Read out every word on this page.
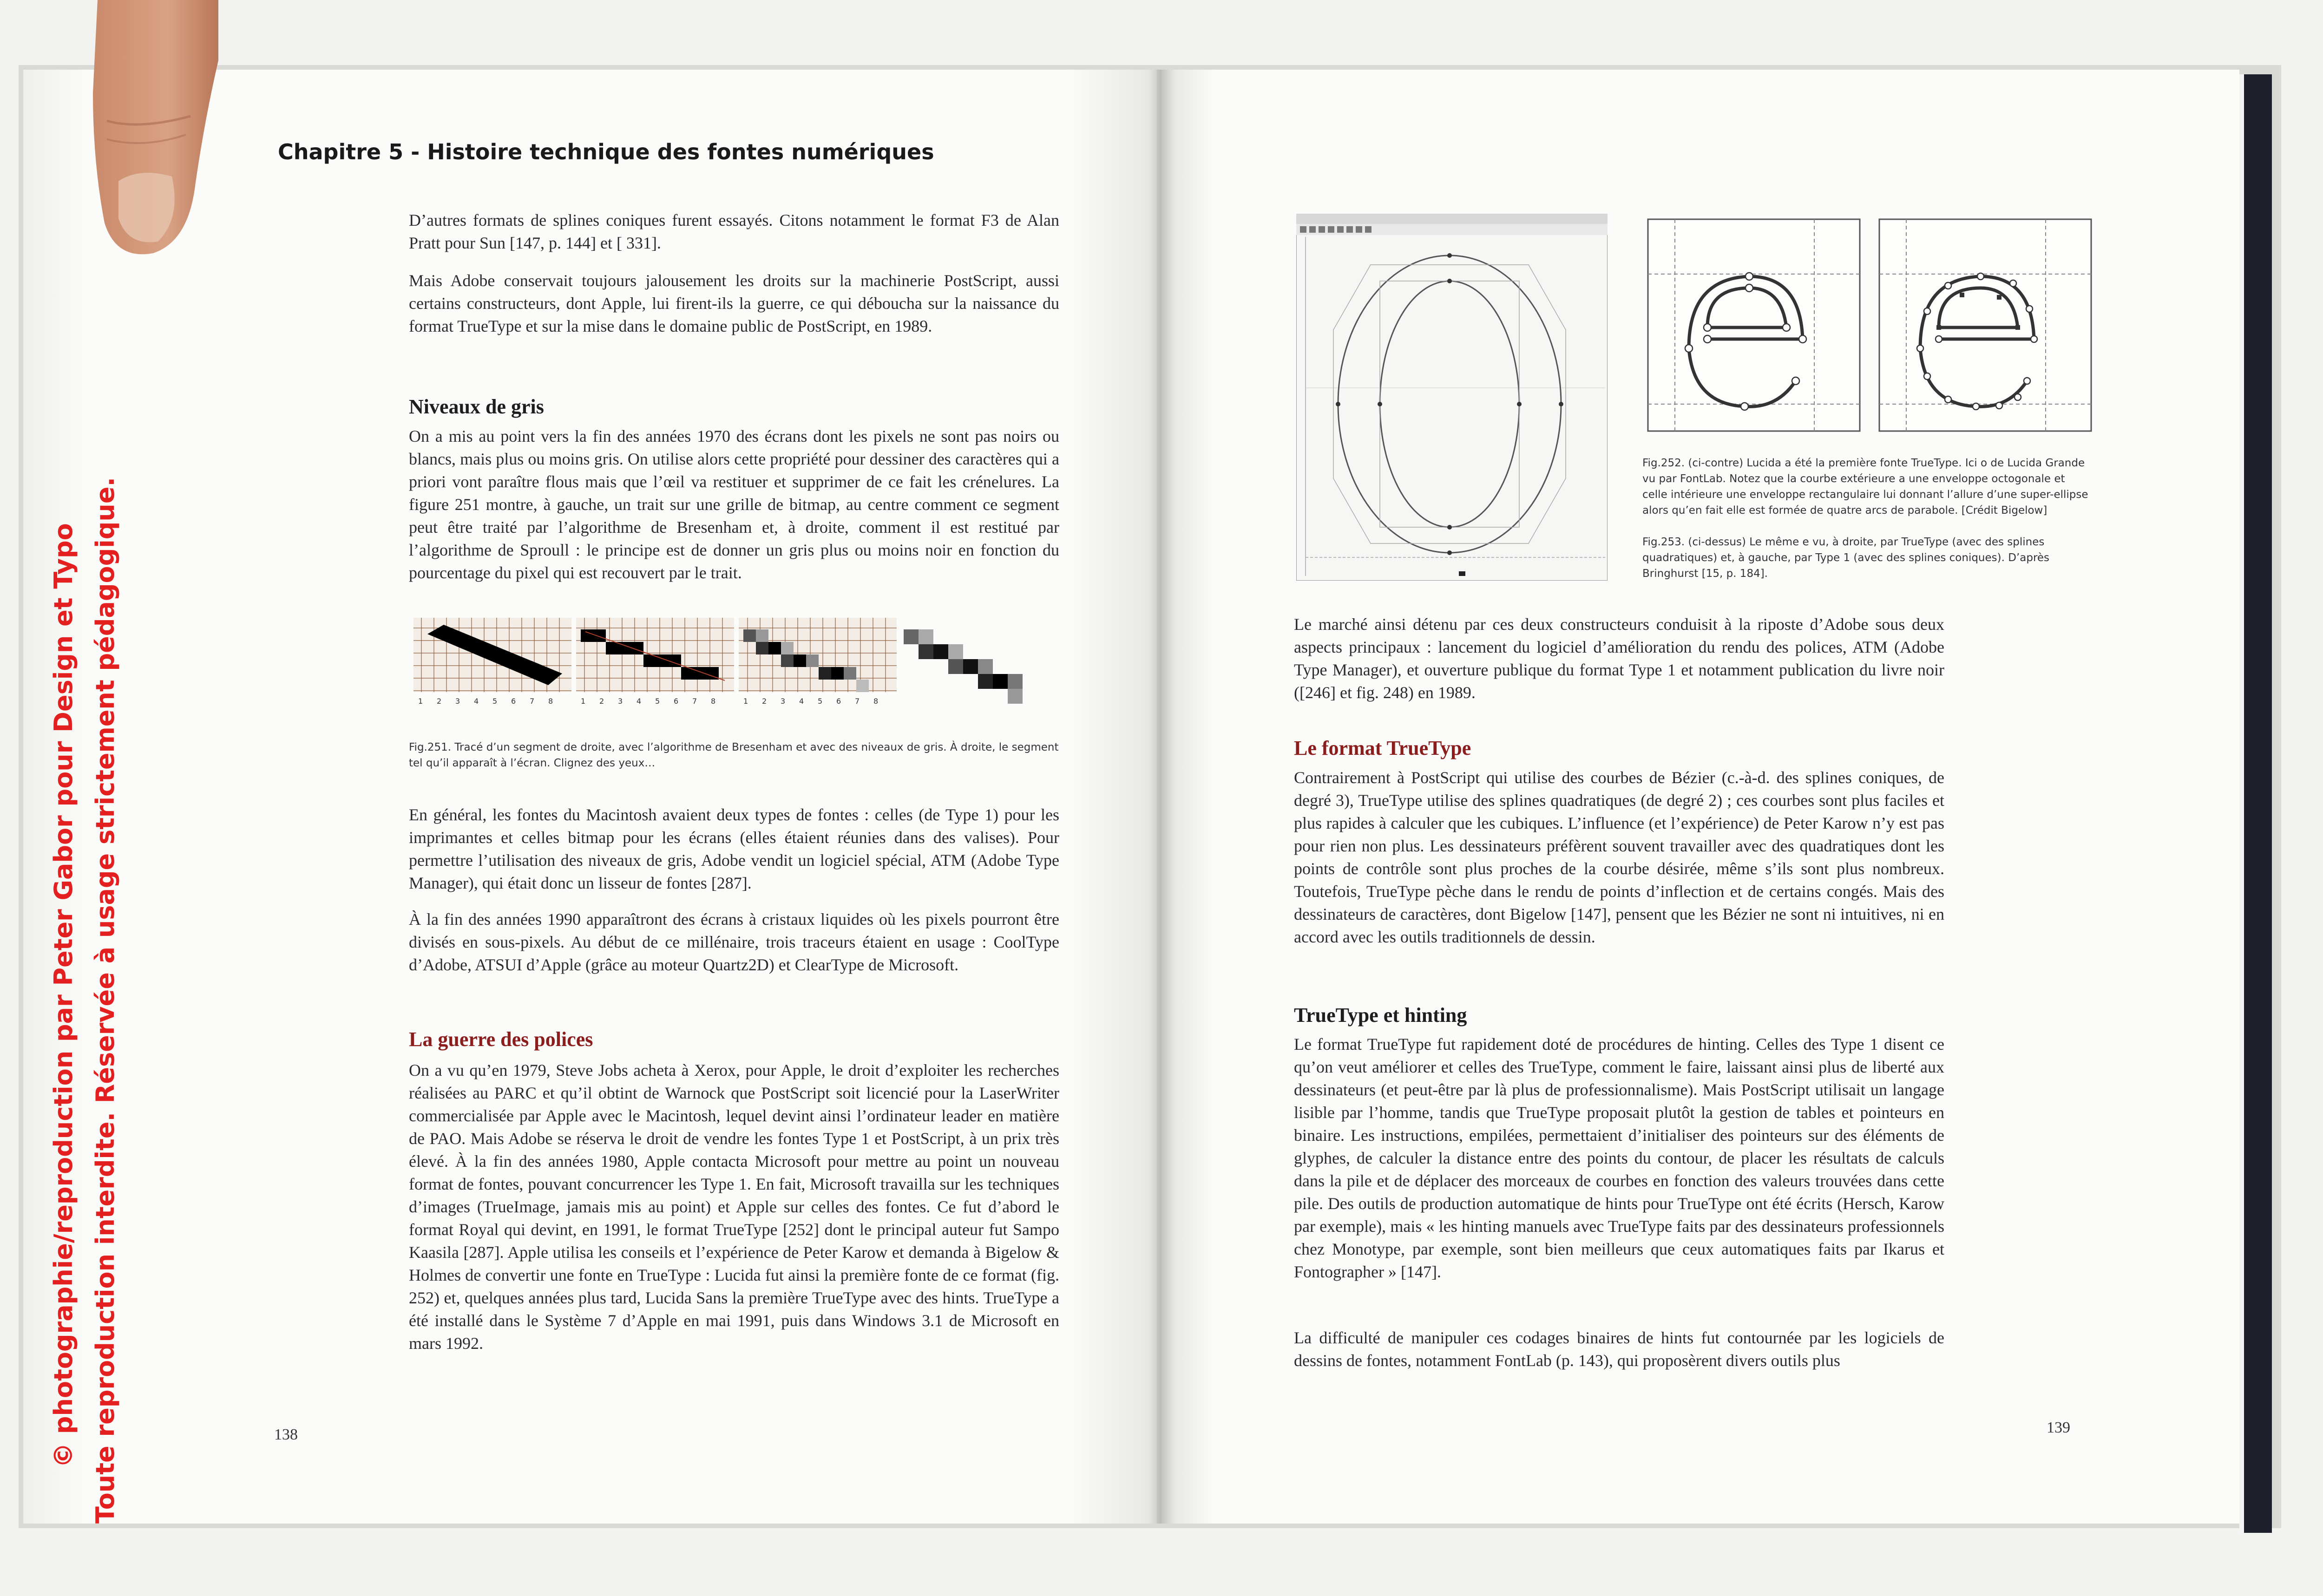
© photographie/reproduction par Peter Gabor pour Design et Typo Toute reproduction interdite. Réservée à usage strictement pédagogique.
Chapitre 5 - Histoire technique des fontes numériques
D’autres formats de splines coniques furent essayés. Citons notamment le format F3 de Alan Pratt pour Sun [147, p. 144] et [ 331].
Mais Adobe conservait toujours jalousement les droits sur la machinerie PostScript, aussi certains constructeurs, dont Apple, lui firent-ils la guerre, ce qui déboucha sur la naissance du format TrueType et sur la mise dans le domaine public de PostScript, en 1989.
Niveaux de gris
On a mis au point vers la fin des années 1970 des écrans dont les pixels ne sont pas noirs ou blancs, mais plus ou moins gris. On utilise alors cette propriété pour dessiner des caractères qui a priori vont paraître flous mais que l’œil va restituer et supprimer de ce fait les crénelures. La figure 251 montre, à gauche, un trait sur une grille de bitmap, au centre comment ce segment peut être traité par l’algorithme de Bresenham et, à droite, comment il est restitué par l’algorithme de Sproull : le principe est de donner un gris plus ou moins noir en fonction du pourcentage du pixel qui est recouvert par le trait.
1 2 3 4 5 6 7 8	1 2 3 4 5 6 7 8	1 2 3 4 5 6 7 8
Fig.251. Tracé d’un segment de droite, avec l’algorithme de Bresenham et avec des niveaux de gris. À droite, le segment tel qu’il apparaît à l’écran. Clignez des yeux…
En général, les fontes du Macintosh avaient deux types de fontes : celles (de Type 1) pour les imprimantes et celles bitmap pour les écrans (elles étaient réunies dans des valises). Pour permettre l’utilisation des niveaux de gris, Adobe vendit un logiciel spécial, ATM (Adobe Type Manager), qui était donc un lisseur de fontes [287].
À la fin des années 1990 apparaîtront des écrans à cristaux liquides où les pixels pourront être divisés en sous-pixels. Au début de ce millénaire, trois traceurs étaient en usage : CoolType d’Adobe, ATSUI d’Apple (grâce au moteur Quartz2D) et ClearType de Microsoft.
La guerre des polices
On a vu qu’en 1979, Steve Jobs acheta à Xerox, pour Apple, le droit d’exploiter les recherches réalisées au PARC et qu’il obtint de Warnock que PostScript soit licencié pour la LaserWriter commercialisée par Apple avec le Macintosh, lequel devint ainsi l’ordinateur leader en matière de PAO. Mais Adobe se réserva le droit de vendre les fontes Type 1 et PostScript, à un prix très élevé. À la fin des années 1980, Apple contacta Microsoft pour mettre au point un nouveau format de fontes, pouvant concurrencer les Type 1. En fait, Microsoft travailla sur les techniques d’images (TrueImage, jamais mis au point) et Apple sur celles des fontes. Ce fut d’abord le format Royal qui devint, en 1991, le format TrueType [252] dont le principal auteur fut Sampo Kaasila [287]. Apple utilisa les conseils et l’expérience de Peter Karow et demanda à Bigelow & Holmes de convertir une fonte en TrueType : Lucida fut ainsi la première fonte de ce format (fig. 252) et, quelques années plus tard, Lucida Sans la première TrueType avec des hints. TrueType a été installé dans le Système 7 d’Apple en mai 1991, puis dans Windows 3.1 de Microsoft en mars 1992.
138
Fig.252. (ci-contre) Lucida a été la première fonte TrueType. Ici o de Lucida Grande vu par FontLab. Notez que la courbe extérieure a une enveloppe octogonale et celle intérieure une enveloppe rectangulaire lui donnant l’allure d’une super-ellipse alors qu’en fait elle est formée de quatre arcs de parabole. [Crédit Bigelow]
Fig.253. (ci-dessus) Le même e vu, à droite, par TrueType (avec des splines quadratiques) et, à gauche, par Type 1 (avec des splines coniques). D’après Bringhurst [15, p. 184].
Le marché ainsi détenu par ces deux constructeurs conduisit à la riposte d’Adobe sous deux aspects principaux : lancement du logiciel d’amélioration du rendu des polices, ATM (Adobe Type Manager), et ouverture publique du format Type 1 et notamment publication du livre noir ([246] et fig. 248) en 1989.
Le format TrueType
Contrairement à PostScript qui utilise des courbes de Bézier (c.-à-d. des splines coniques, de degré 3), TrueType utilise des splines quadratiques (de degré 2) ; ces courbes sont plus faciles et plus rapides à calculer que les cubiques. L’influence (et l’expérience) de Peter Karow n’y est pas pour rien non plus. Les dessinateurs préfèrent souvent travailler avec des quadratiques dont les points de contrôle sont plus proches de la courbe désirée, même s’ils sont plus nombreux. Toutefois, TrueType pèche dans le rendu de points d’inflection et de certains congés. Mais des dessinateurs de caractères, dont Bigelow [147], pensent que les Bézier ne sont ni intuitives, ni en accord avec les outils traditionnels de dessin.
TrueType et hinting
Le format TrueType fut rapidement doté de procédures de hinting. Celles des Type 1 disent ce qu’on veut améliorer et celles des TrueType, comment le faire, laissant ainsi plus de liberté aux dessinateurs (et peut-être par là plus de professionnalisme). Mais PostScript utilisait un langage lisible par l’homme, tandis que TrueType proposait plutôt la gestion de tables et pointeurs en binaire. Les instructions, empilées, permettaient d’initialiser des pointeurs sur des éléments de glyphes, de calculer la distance entre des points du contour, de placer les résultats de calculs dans la pile et de déplacer des morceaux de courbes en fonction des valeurs trouvées dans cette pile. Des outils de production automatique de hints pour TrueType ont été écrits (Hersch, Karow par exemple), mais « les hinting manuels avec TrueType faits par des dessinateurs professionnels chez Monotype, par exemple, sont bien meilleurs que ceux automatiques faits par Ikarus et Fontographer » [147].
La difficulté de manipuler ces codages binaires de hints fut contournée par les logiciels de dessins de fontes, notamment FontLab (p. 143), qui proposèrent divers outils plus
139
